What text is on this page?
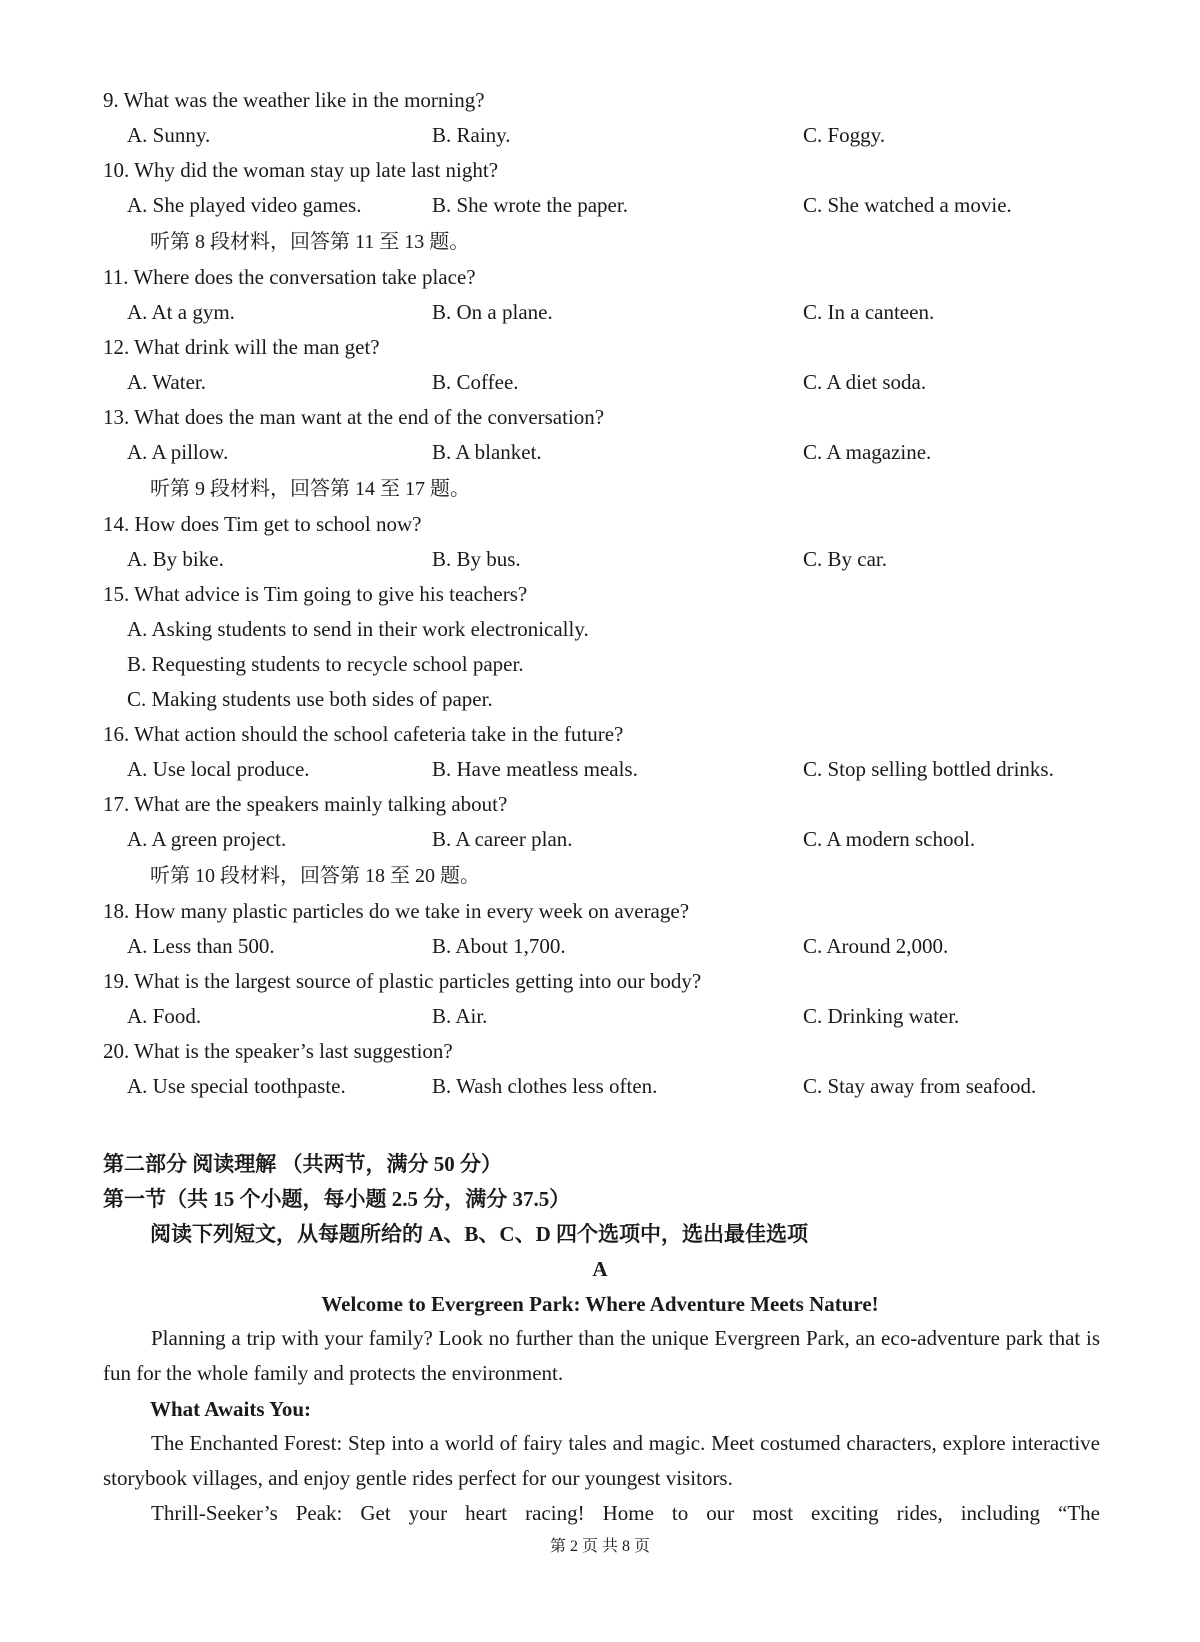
9. What was the weather like in the morning?
A. Sunny.	B. Rainy.	C. Foggy.
10. Why did the woman stay up late last night?
A. She played video games.	B. She wrote the paper.	C. She watched a movie.
听第 8 段材料，回答第 11 至 13 题。
11. Where does the conversation take place?
A. At a gym.	B. On a plane.	C. In a canteen.
12. What drink will the man get?
A. Water.	B. Coffee.	C. A diet soda.
13. What does the man want at the end of the conversation?
A. A pillow.	B. A blanket.	C. A magazine.
听第 9 段材料，回答第 14 至 17 题。
14. How does Tim get to school now?
A. By bike.	B. By bus.	C. By car.
15. What advice is Tim going to give his teachers?
A. Asking students to send in their work electronically.
B. Requesting students to recycle school paper.
C. Making students use both sides of paper.
16. What action should the school cafeteria take in the future?
A. Use local produce.	B. Have meatless meals.	C. Stop selling bottled drinks.
17. What are the speakers mainly talking about?
A. A green project.	B. A career plan.	C. A modern school.
听第 10 段材料，回答第 18 至 20 题。
18. How many plastic particles do we take in every week on average?
A. Less than 500.	B. About 1,700.	C. Around 2,000.
19. What is the largest source of plastic particles getting into our body?
A. Food.	B. Air.	C. Drinking water.
20. What is the speaker’s last suggestion?
A. Use special toothpaste.	B. Wash clothes less often.	C. Stay away from seafood.
第二部分 阅读理解 （共两节，满分 50 分）
第一节（共 15 个小题，每小题 2.5 分，满分 37.5）
阅读下列短文，从每题所给的 A、B、C、D 四个选项中，选出最佳选项
A
Welcome to Evergreen Park: Where Adventure Meets Nature!
Planning a trip with your family? Look no further than the unique Evergreen Park, an eco-adventure park that is fun for the whole family and protects the environment.
What Awaits You:
The Enchanted Forest: Step into a world of fairy tales and magic. Meet costumed characters, explore interactive storybook villages, and enjoy gentle rides perfect for our youngest visitors.
Thrill-Seeker’s Peak: Get your heart racing! Home to our most exciting rides, including “The
第 2 页 共 8 页
